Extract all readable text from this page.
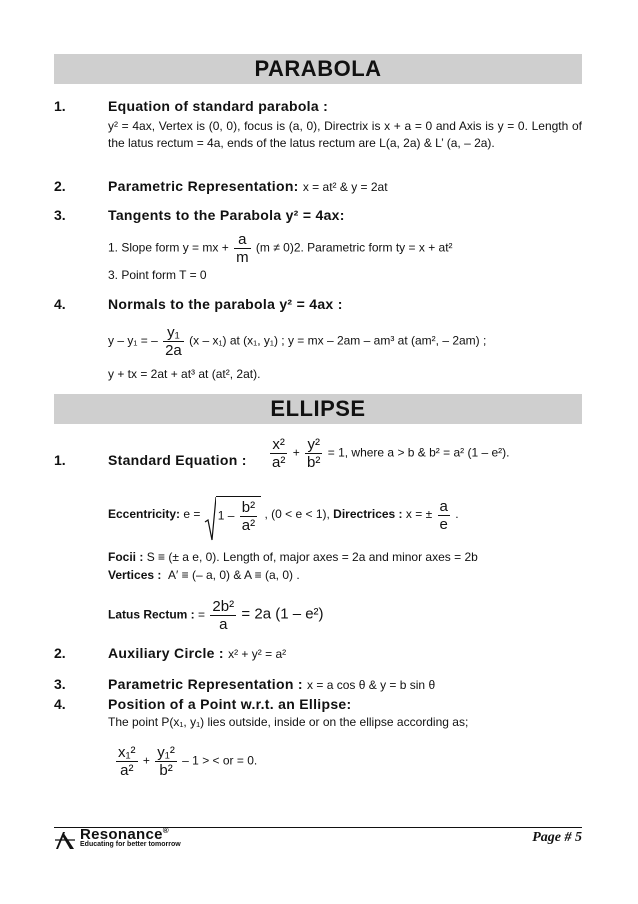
PARABOLA
1.	Equation of standard parabola :
y² = 4ax, Vertex is (0, 0), focus is (a, 0), Directrix is x + a = 0 and Axis is y = 0. Length of the latus rectum = 4a, ends of the latus rectum are L(a, 2a) & L’ (a, – 2a).
2.	Parametric Representation: x = at² & y = 2at
3.	Tangents to the Parabola y² = 4ax:
1. Slope form y = mx + $\frac{a}{m} (m \ne 0)2$. Parametric form ty = x + at²
3. Point form T = 0
4.	Normals to the parabola y² = 4ax :
y – y₁ = – $\frac{\text{y₁}}{2a} (x - x_1)$ at (x₁, y₁) ; y = mx – 2am – am³ at (am², – 2am) ;
y + tx = 2at + at³ at (at², 2at).
ELLIPSE
1.	Standard Equation : $\frac{\text{x²}}{\text{a²}} + \frac{\text{y²}}{\text{b²}} = 1$, where a > b & b² = a² (1 – e²).
Eccentricity: $e = 1 - \frac{\text{b²}}{\text{a²}}$ , (0 < e < 1), Directrices : x = ± $\frac{a}{e}$ .
Focii : S ≡ (± a e, 0). Length of, major axes = 2a and minor axes = 2b
Vertices : A′ ≡ (– a, 0) & A ≡ (a, 0) .
Latus Rectum : = $\frac{\text{2b²}}{a} = 2a$ (1 – e²)
2.	Auxiliary Circle : x² + y² = a²
3.	Parametric Representation : x = a cos θ & y = b sin θ
4.	Position of a Point w.r.t. an Ellipse:
The point P(x₁, y₁) lies outside, inside or on the ellipse according as;
$\frac{\text{x₁²}}{\text{a²}} + \frac{\text{y₁²}}{\text{b²}} - 1$ > < or = 0.
Resonance®
Educating for better tomorrow	Page # 5
